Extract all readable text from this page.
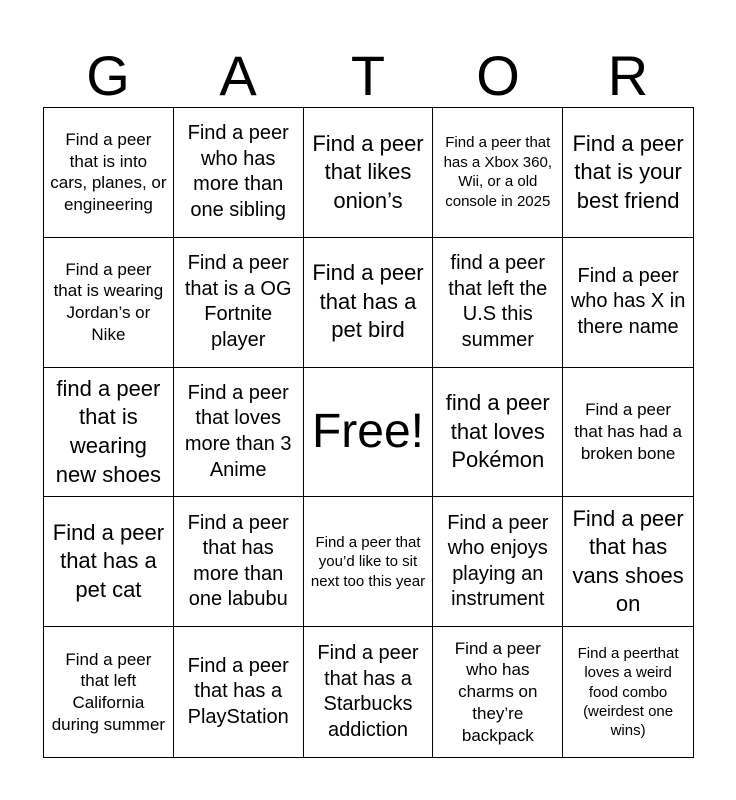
G	A	T	O	R
Find a peer that is into cars, planes, or engineering
Find a peer who has more than one sibling
Find a peer that likes onion’s
Find a peer that has a Xbox 360, Wii, or a old console in 2025
Find a peer that is your best friend
Find a peer that is wearing Jordan’s or Nike
Find a peer that is a OG Fortnite player
Find a peer that has a pet bird
find a peer that left the U.S this summer
Find a peer who has X in there name
find a peer that is wearing new shoes
Find a peer that loves more than 3 Anime
Free!
find a peer that loves Pokémon
Find a peer that has had a broken bone
Find a peer that has a pet cat
Find a peer that has more than one labubu
Find a peer that you’d like to sit next too this year
Find a peer who enjoys playing an instrument
Find a peer that has vans shoes on
Find a peer that left California during summer
Find a peer that has a PlayStation
Find a peer that has a Starbucks addiction
Find a peer who has charms on they’re backpack
Find a peerthat loves a weird food combo (weirdest one wins)
